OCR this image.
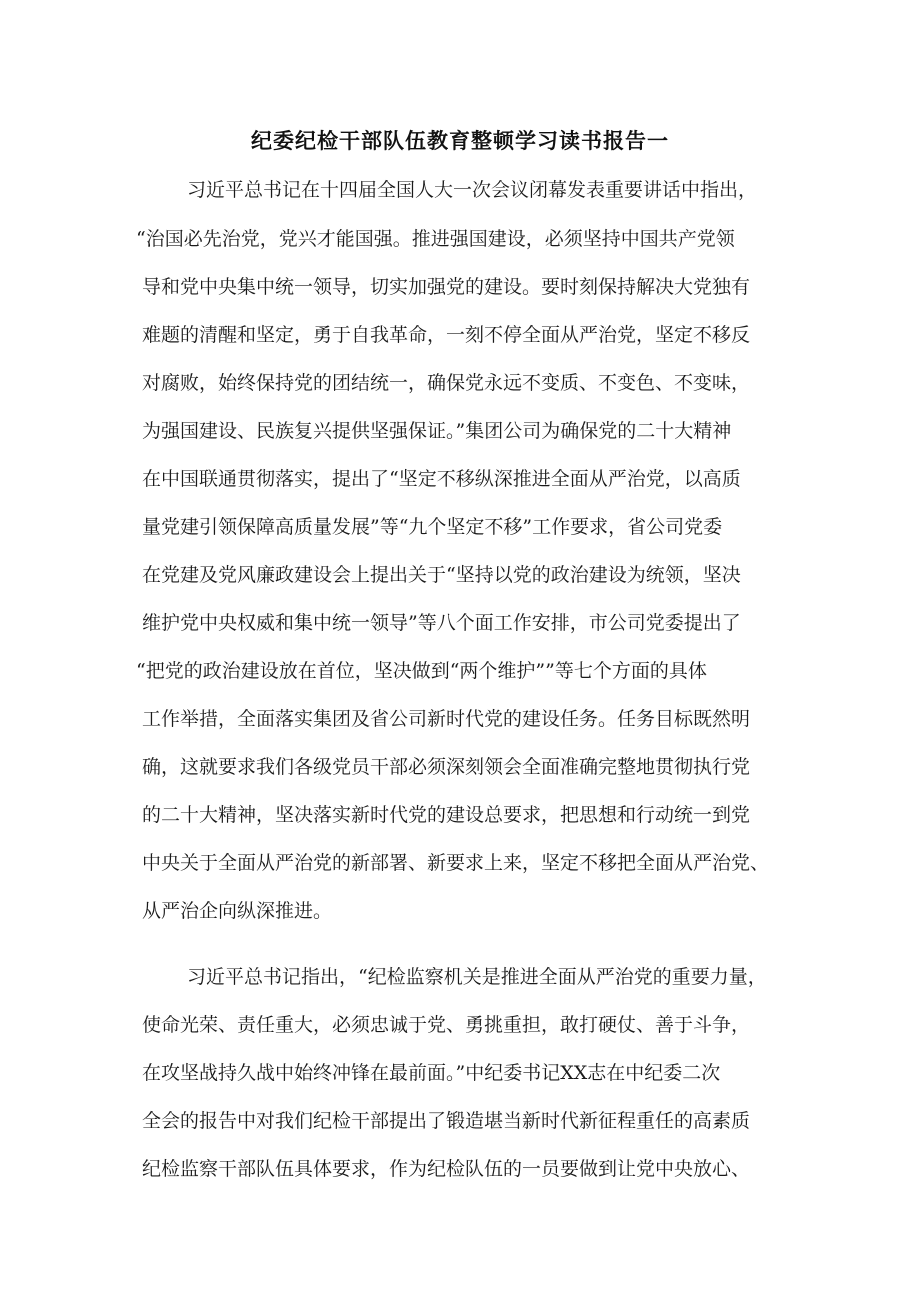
纪委纪检干部队伍教育整顿学习读书报告一

习近平总书记在十四届全国人大一次会议闭幕发表重要讲话中指出，

“治国必先治党，党兴才能国强。推进强国建设，必须坚持中国共产党领

导和党中央集中统一领导，切实加强党的建设。要时刻保持解决大党独有

难题的清醒和坚定，勇于自我革命，一刻不停全面从严治党，坚定不移反

对腐败，始终保持党的团结统一，确保党永远不变质、不变色、不变味，

为强国建设、民族复兴提供坚强保证。”集团公司为确保党的二十大精神

在中国联通贯彻落实，提出了“坚定不移纵深推进全面从严治党，以高质

量党建引领保障高质量发展”等“九个坚定不移”工作要求，省公司党委

在党建及党风廉政建设会上提出关于“坚持以党的政治建设为统领，坚决

维护党中央权威和集中统一领导”等八个面工作安排，市公司党委提出了

“把党的政治建设放在首位，坚决做到“两个维护””等七个方面的具体

工作举措，全面落实集团及省公司新时代党的建设任务。任务目标既然明

确，这就要求我们各级党员干部必须深刻领会全面准确完整地贯彻执行党

的二十大精神，坚决落实新时代党的建设总要求，把思想和行动统一到党

中央关于全面从严治党的新部署、新要求上来，坚定不移把全面从严治党、

从严治企向纵深推进。

习近平总书记指出，“纪检监察机关是推进全面从严治党的重要力量，

使命光荣、责任重大，必须忠诚于党、勇挑重担，敢打硬仗、善于斗争，

在攻坚战持久战中始终冲锋在最前面。”中纪委书记XX志在中纪委二次

全会的报告中对我们纪检干部提出了锻造堪当新时代新征程重任的高素质

纪检监察干部队伍具体要求，作为纪检队伍的一员要做到让党中央放心、
